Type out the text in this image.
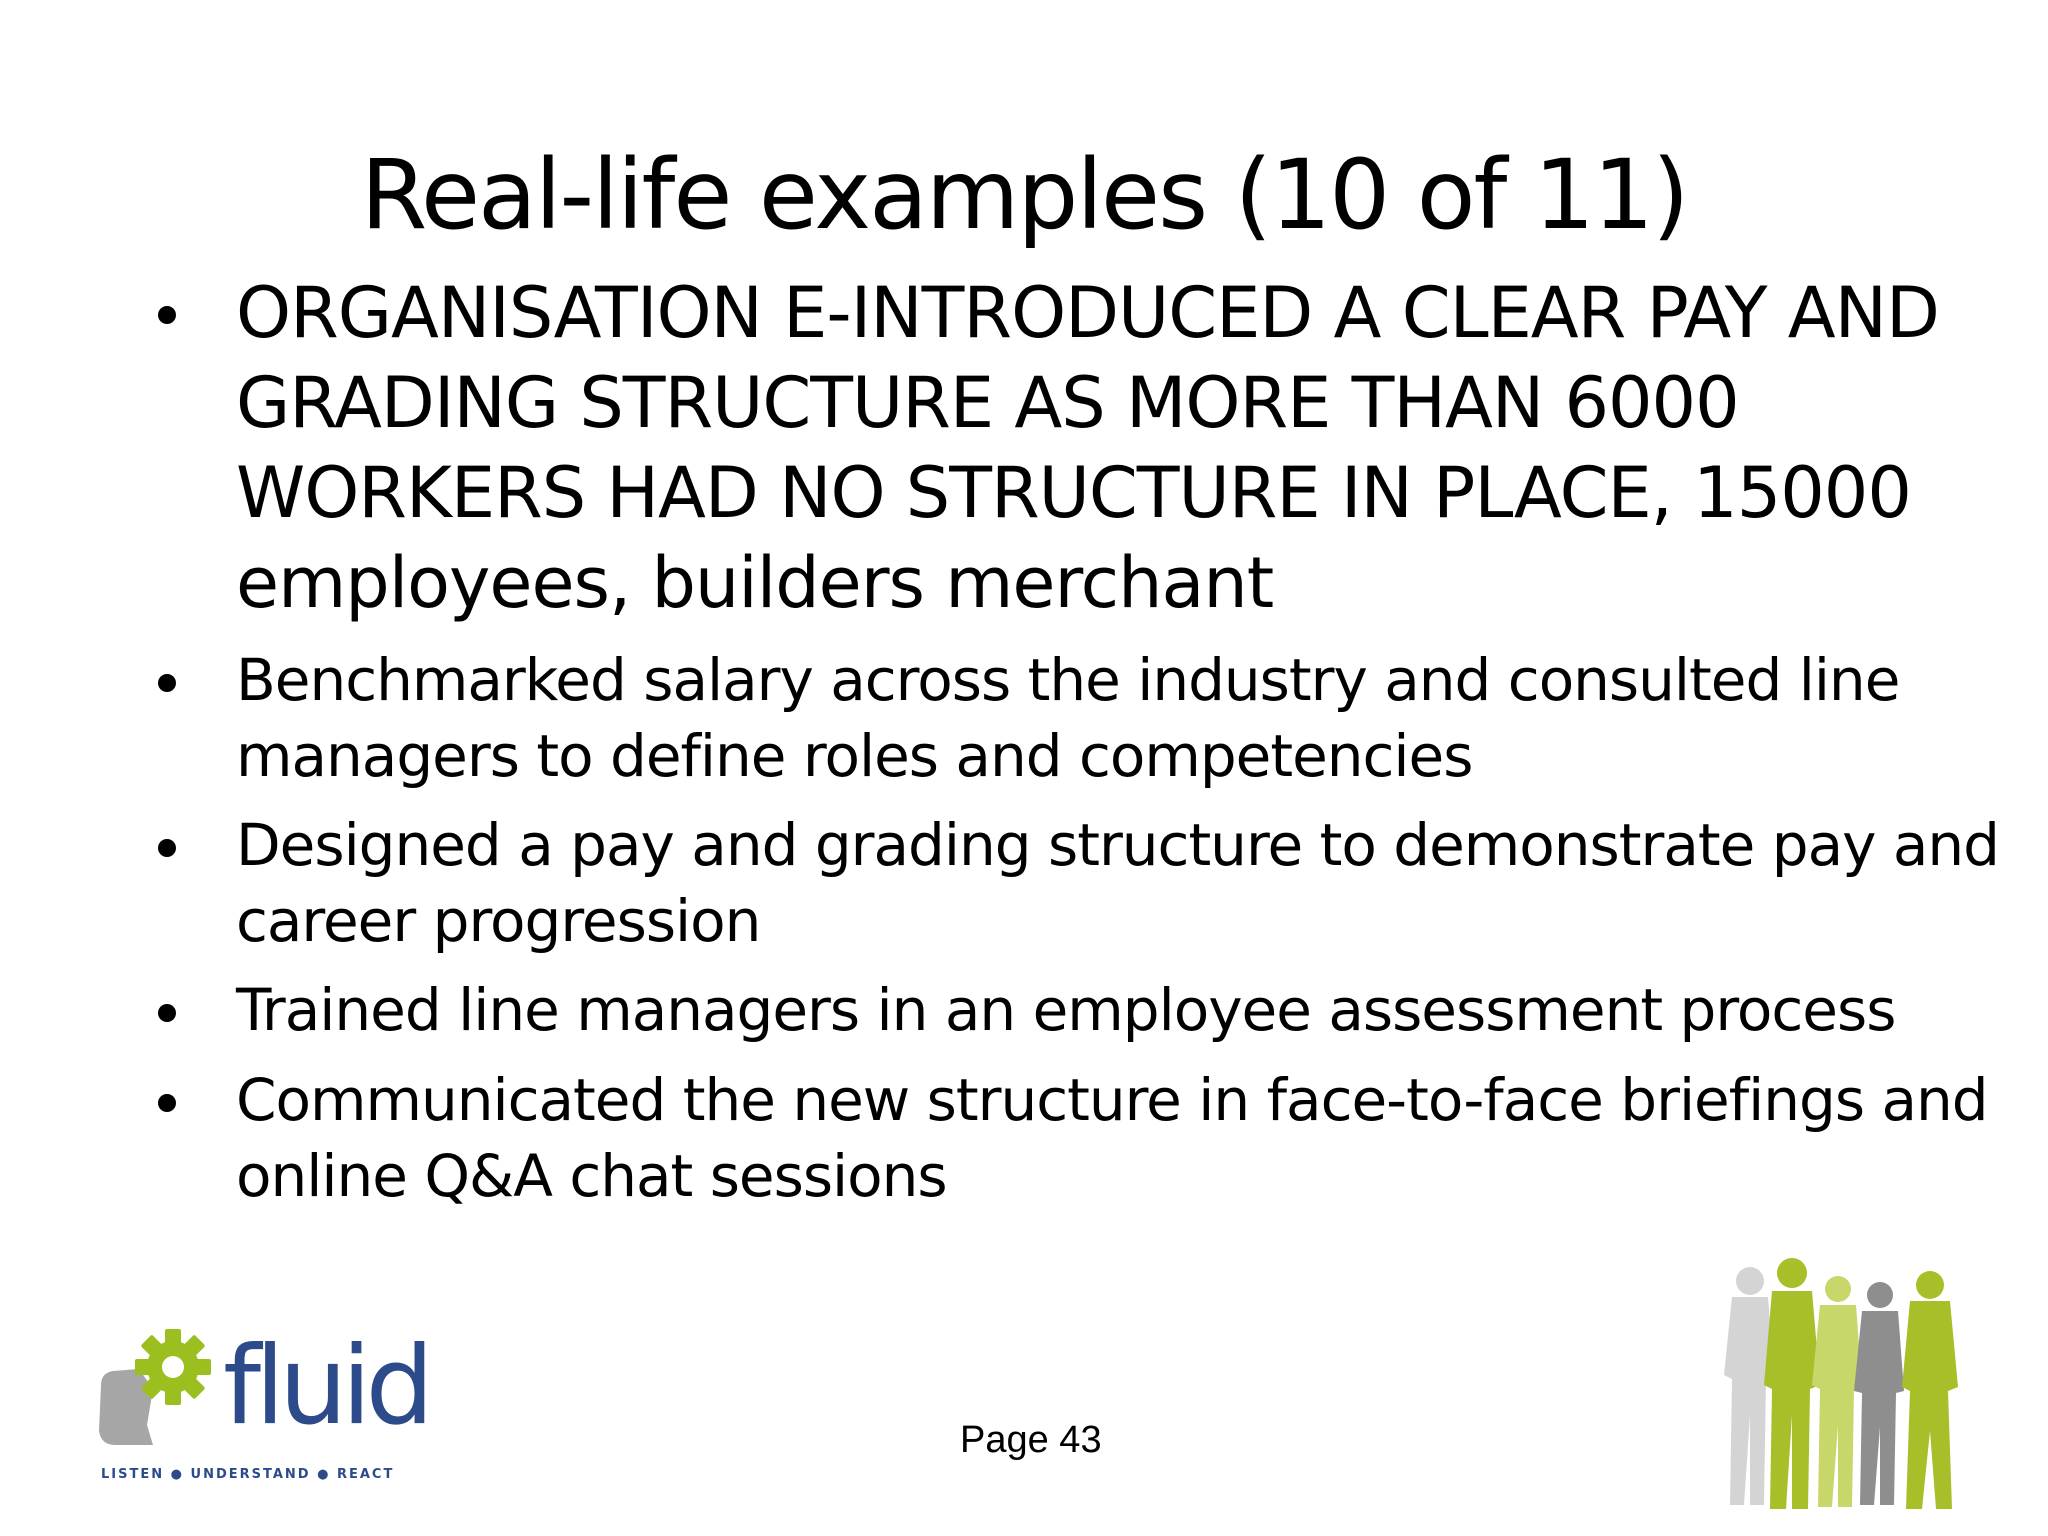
Real-life examples (10 of 11)
ORGANISATION E-INTRODUCED A CLEAR PAY AND
GRADING STRUCTURE AS MORE THAN 6000
WORKERS HAD NO STRUCTURE IN PLACE, 15000
employees, builders merchant
Benchmarked salary across the industry and consulted line
managers to define roles and competencies
Designed a pay and grading structure to demonstrate pay and
career progression
Trained line managers in an employee assessment process
Communicated the new structure in face-to-face briefings and
online Q&A chat sessions
Page 43
fluid
LISTEN ● UNDERSTAND ● REACT
